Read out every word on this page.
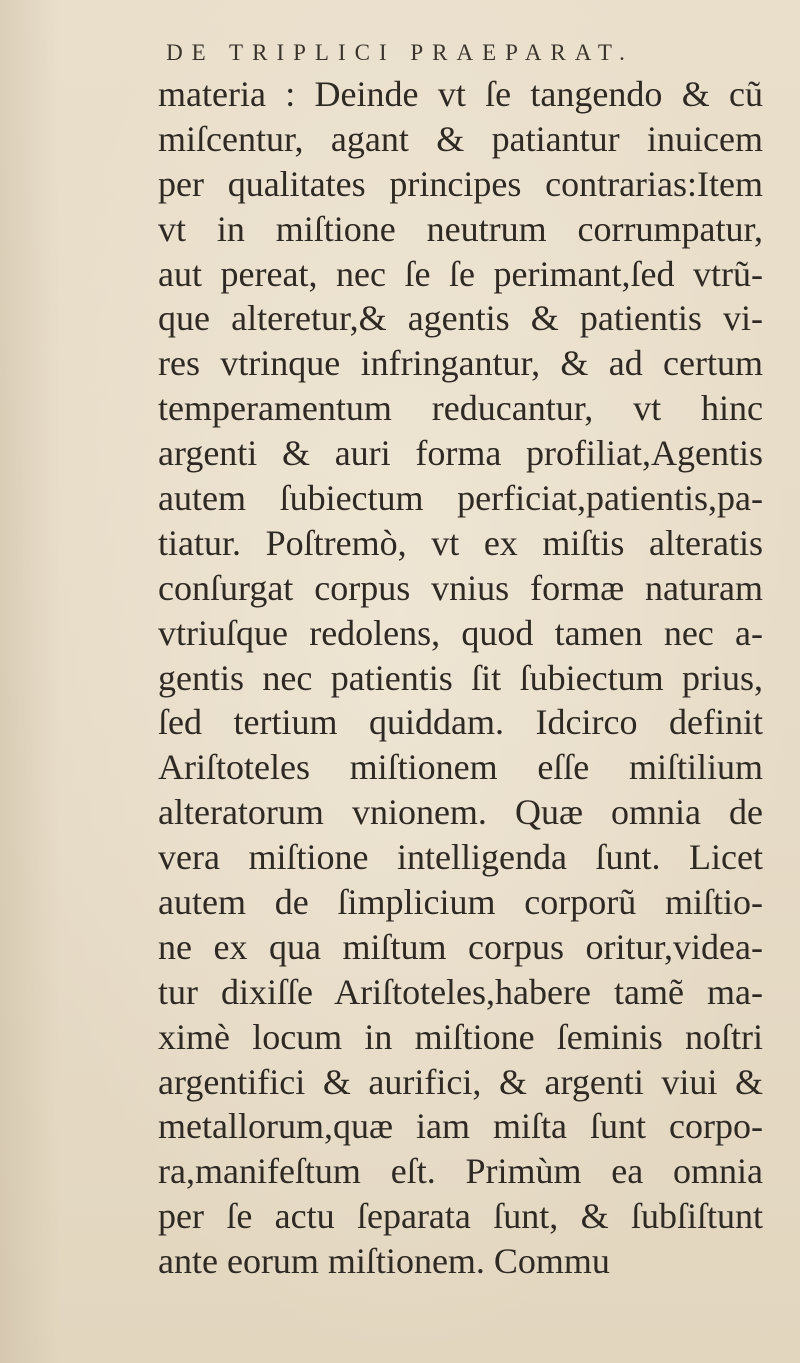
DE TRIPLICI PRAEPARAT.
materia : Deinde vt ſe tangendo & cũ
miſcentur, agant & patiantur inuicem
per qualitates principes contrarias:Item
vt in miſtione neutrum corrumpatur,
aut pereat, nec ſe ſe perimant,ſed vtrũ-
que alteretur,& agentis & patientis vi-
res vtrinque infringantur, & ad certum
temperamentum reducantur, vt hinc
argenti & auri forma profiliat,Agentis
autem ſubiectum perficiat,patientis,pa-
tiatur. Poſtremò, vt ex miſtis alteratis
conſurgat corpus vnius formæ naturam
vtriuſque redolens, quod tamen nec a-
gentis nec patientis ſit ſubiectum prius,
ſed tertium quiddam. Idcirco definit
Ariſtoteles miſtionem eſſe miſtilium
alteratorum vnionem. Quæ omnia de
vera miſtione intelligenda ſunt. Licet
autem de ſimplicium corporũ miſtio-
ne ex qua miſtum corpus oritur,videa-
tur dixiſſe Ariſtoteles,habere tamẽ ma-
ximè locum in miſtione ſeminis noſtri
argentifici & aurifici, & argenti viui &
metallorum,quæ iam miſta ſunt corpo-
ra,manifeſtum eſt. Primùm ea omnia
per ſe actu ſeparata ſunt, & ſubſiſtunt
ante eorum miſtionem. Commu
